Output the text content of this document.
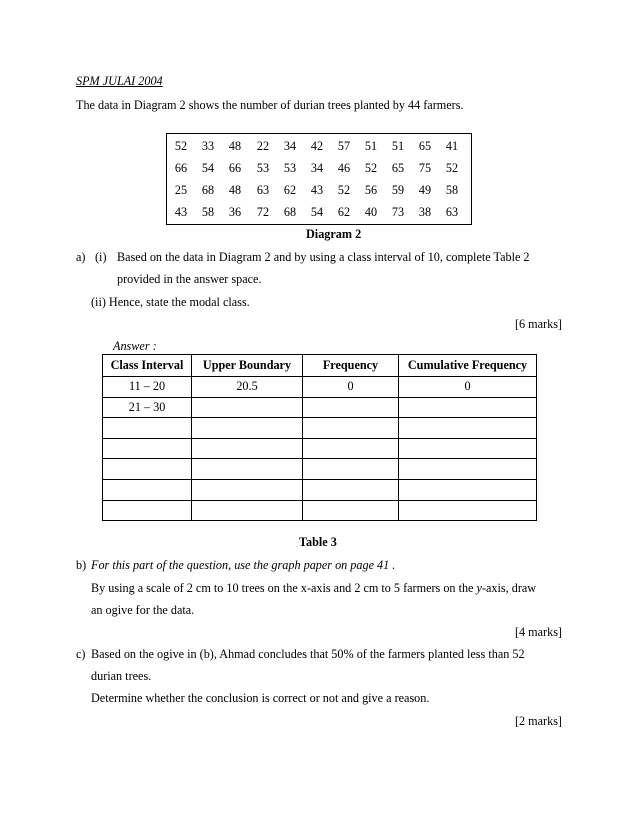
SPM JULAI 2004
The data in Diagram 2 shows the number of durian trees planted by 44 farmers.
52	33	48	22	34	42	57	51	51	65	41
66	54	66	53	53	34	46	52	65	75	52
25	68	48	63	62	43	52	56	59	49	58
43	58	36	72	68	54	62	40	73	38	63
Diagram 2
a) (i) Based on the data in Diagram 2 and by using a class interval of 10, complete Table 2
provided in the answer space.
(ii) Hence, state the modal class.
[6 marks]
Answer :
Class Interval	Upper Boundary	Frequency	Cumulative Frequency
11 – 20	20.5	0	0
21 – 30			

Table 3
b) For this part of the question, use the graph paper on page 41 .
By using a scale of 2 cm to 10 trees on the x-axis and 2 cm to 5 farmers on the y-axis, draw
an ogive for the data.
[4 marks]
c) Based on the ogive in (b), Ahmad concludes that 50% of the farmers planted less than 52
durian trees.
Determine whether the conclusion is correct or not and give a reason.
[2 marks]
